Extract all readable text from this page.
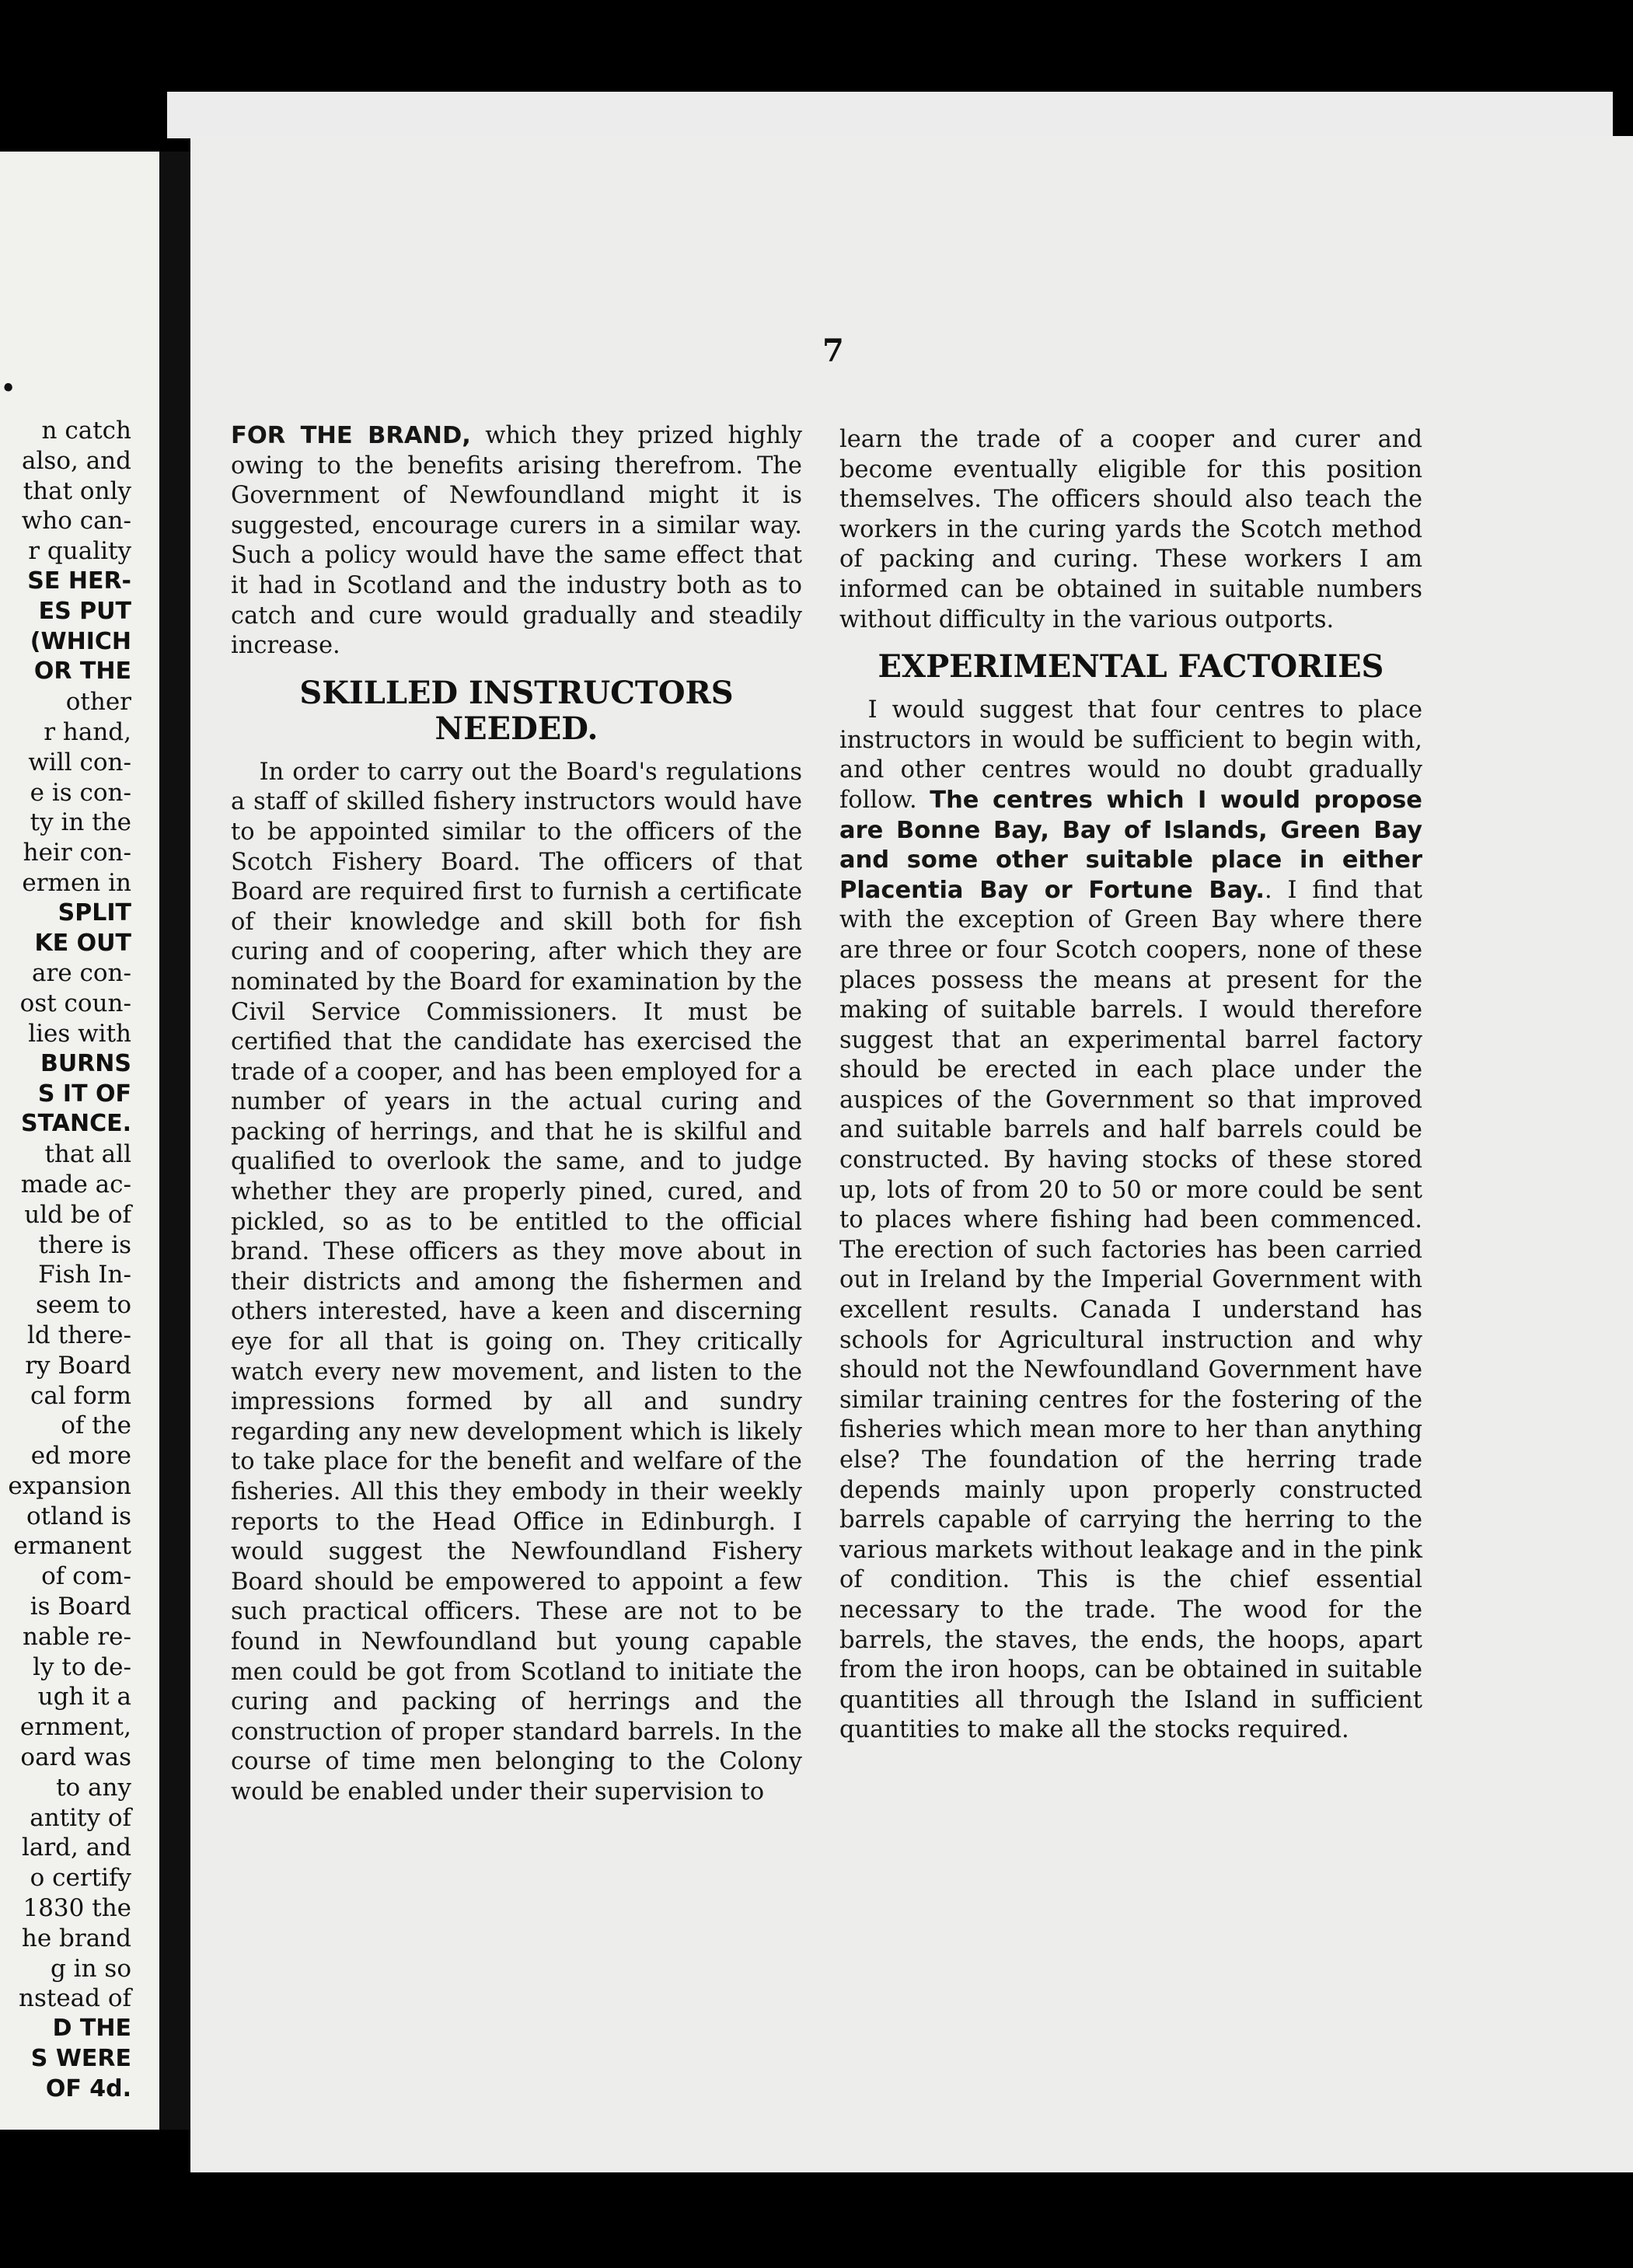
•
n catch
also, and
that only
who can-
r quality
SE HER-
ES PUT
(WHICH
OR THE
other
r hand,
will con-
e is con-
ty in the
heir con-
ermen in
SPLIT
KE OUT
are con-
ost coun-
lies with
BURNS
S IT OF
STANCE.
that all
made ac-
uld be of
there is
Fish In-
seem to
ld there-
ry Board
cal form
of the
ed more
expansion
otland is
ermanent
of com-
is Board
nable re-
ly to de-
ugh it a
ernment,
oard was
to any
antity of
lard, and
o certify
1830 the
he brand
g in so
nstead of
D THE
S WERE
OF 4d.
7

FOR THE BRAND, which they prized highly owing to the benefits arising therefrom. The Government of Newfoundland might it is suggested, encourage curers in a similar way. Such a policy would have the same effect that it had in Scotland and the industry both as to catch and cure would gradually and steadily increase.

SKILLED INSTRUCTORS NEEDED.

In order to carry out the Board's regulations a staff of skilled fishery instructors would have to be appointed similar to the officers of the Scotch Fishery Board. The officers of that Board are required first to furnish a certificate of their knowledge and skill both for fish curing and of coopering, after which they are nominated by the Board for examination by the Civil Service Commissioners. It must be certified that the candidate has exercised the trade of a cooper, and has been employed for a number of years in the actual curing and packing of herrings, and that he is skilful and qualified to overlook the same, and to judge whether they are properly pined, cured, and pickled, so as to be entitled to the official brand. These officers as they move about in their districts and among the fishermen and others interested, have a keen and discerning eye for all that is going on. They critically watch every new movement, and listen to the impressions formed by all and sundry regarding any new development which is likely to take place for the benefit and welfare of the fisheries. All this they embody in their weekly reports to the Head Office in Edinburgh. I would suggest the Newfoundland Fishery Board should be empowered to appoint a few such practical officers. These are not to be found in Newfoundland but young capable men could be got from Scotland to initiate the curing and packing of herrings and the construction of proper standard barrels. In the course of time men belonging to the Colony would be enabled under their supervision to

learn the trade of a cooper and curer and become eventually eligible for this position themselves. The officers should also teach the workers in the curing yards the Scotch method of packing and curing. These workers I am informed can be obtained in suitable numbers without difficulty in the various outports.

EXPERIMENTAL FACTORIES

I would suggest that four centres to place instructors in would be sufficient to begin with, and other centres would no doubt gradually follow. The centres which I would propose are Bonne Bay, Bay of Islands, Green Bay and some other suitable place in either Placentia Bay or Fortune Bay.. I find that with the exception of Green Bay where there are three or four Scotch coopers, none of these places possess the means at present for the making of suitable barrels. I would therefore suggest that an experimental barrel factory should be erected in each place under the auspices of the Government so that improved and suitable barrels and half barrels could be constructed. By having stocks of these stored up, lots of from 20 to 50 or more could be sent to places where fishing had been commenced. The erection of such factories has been carried out in Ireland by the Imperial Government with excellent results. Canada I understand has schools for Agricultural instruction and why should not the Newfoundland Government have similar training centres for the fostering of the fisheries which mean more to her than anything else? The foundation of the herring trade depends mainly upon properly constructed barrels capable of carrying the herring to the various markets without leakage and in the pink of condition. This is the chief essential necessary to the trade. The wood for the barrels, the staves, the ends, the hoops, apart from the iron hoops, can be obtained in suitable quantities all through the Island in sufficient quantities to make all the stocks required.
